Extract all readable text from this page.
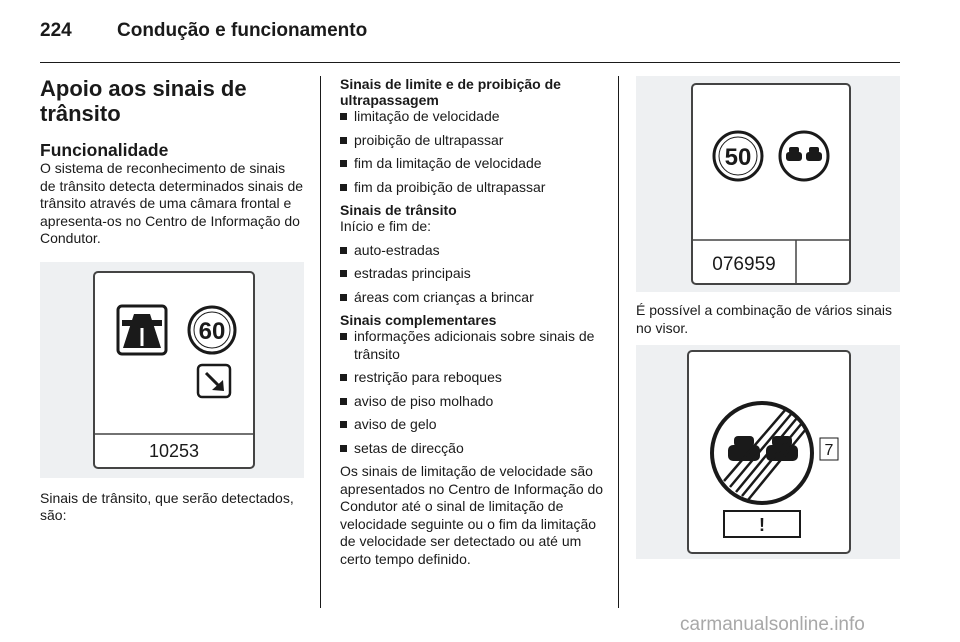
224 Condução e funcionamento
Apoio aos sinais de trânsito
Funcionalidade

O sistema de reconhecimento de sinais de trânsito detecta determinados sinais de trânsito através de uma câmara frontal e apresenta-os no Centro de Informação do Condutor.

60
10253

Sinais de trânsito, que serão detectados, são:

Sinais de limite e de proibição de ultrapassagem

limitação de velocidade
proibição de ultrapassar
fim da limitação de velocidade
fim da proibição de ultrapassar

Sinais de trânsito

Início e fim de:

auto-estradas
estradas principais
áreas com crianças a brincar

Sinais complementares

informações adicionais sobre sinais de trânsito
restrição para reboques
aviso de piso molhado
aviso de gelo
setas de direcção

Os sinais de limitação de velocidade são apresentados no Centro de Informação do Condutor até o sinal de limitação de velocidade seguinte ou o fim da limitação de velocidade ser detectado ou até um certo tempo definido.

50
076959

É possível a combinação de vários sinais no visor.

7
!
carmanualsonline.info
